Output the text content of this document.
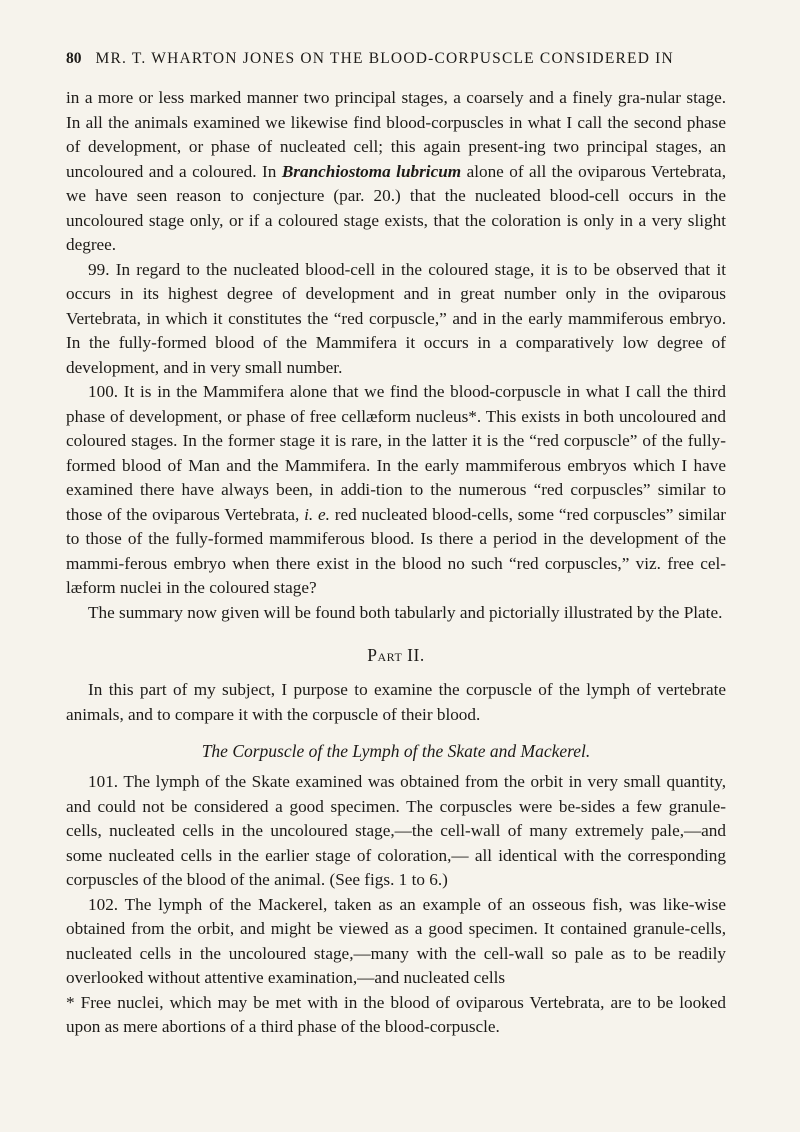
80 MR. T. WHARTON JONES ON THE BLOOD-CORPUSCLE CONSIDERED IN

in a more or less marked manner two principal stages, a coarsely and a finely gra-nular stage. In all the animals examined we likewise find blood-corpuscles in what I call the second phase of development, or phase of nucleated cell; this again present-ing two principal stages, an uncoloured and a coloured. In Branchiostoma lubricum alone of all the oviparous Vertebrata, we have seen reason to conjecture (par. 20.) that the nucleated blood-cell occurs in the uncoloured stage only, or if a coloured stage exists, that the coloration is only in a very slight degree.

99. In regard to the nucleated blood-cell in the coloured stage, it is to be observed that it occurs in its highest degree of development and in great number only in the oviparous Vertebrata, in which it constitutes the “red corpuscle,” and in the early mammiferous embryo. In the fully-formed blood of the Mammifera it occurs in a comparatively low degree of development, and in very small number.

100. It is in the Mammifera alone that we find the blood-corpuscle in what I call the third phase of development, or phase of free cellæform nucleus*. This exists in both uncoloured and coloured stages. In the former stage it is rare, in the latter it is the “red corpuscle” of the fully-formed blood of Man and the Mammifera. In the early mammiferous embryos which I have examined there have always been, in addi-tion to the numerous “red corpuscles” similar to those of the oviparous Vertebrata, i. e. red nucleated blood-cells, some “red corpuscles” similar to those of the fully-formed mammiferous blood. Is there a period in the development of the mammi-ferous embryo when there exist in the blood no such “red corpuscles,” viz. free cel-læform nuclei in the coloured stage?

The summary now given will be found both tabularly and pictorially illustrated by the Plate.

Part II.

In this part of my subject, I purpose to examine the corpuscle of the lymph of vertebrate animals, and to compare it with the corpuscle of their blood.

The Corpuscle of the Lymph of the Skate and Mackerel.

101. The lymph of the Skate examined was obtained from the orbit in very small quantity, and could not be considered a good specimen. The corpuscles were be-sides a few granule-cells, nucleated cells in the uncoloured stage,—the cell-wall of many extremely pale,—and some nucleated cells in the earlier stage of coloration,— all identical with the corresponding corpuscles of the blood of the animal. (See figs. 1 to 6.)

102. The lymph of the Mackerel, taken as an example of an osseous fish, was like-wise obtained from the orbit, and might be viewed as a good specimen. It contained granule-cells, nucleated cells in the uncoloured stage,—many with the cell-wall so pale as to be readily overlooked without attentive examination,—and nucleated cells

* Free nuclei, which may be met with in the blood of oviparous Vertebrata, are to be looked upon as mere abortions of a third phase of the blood-corpuscle.
